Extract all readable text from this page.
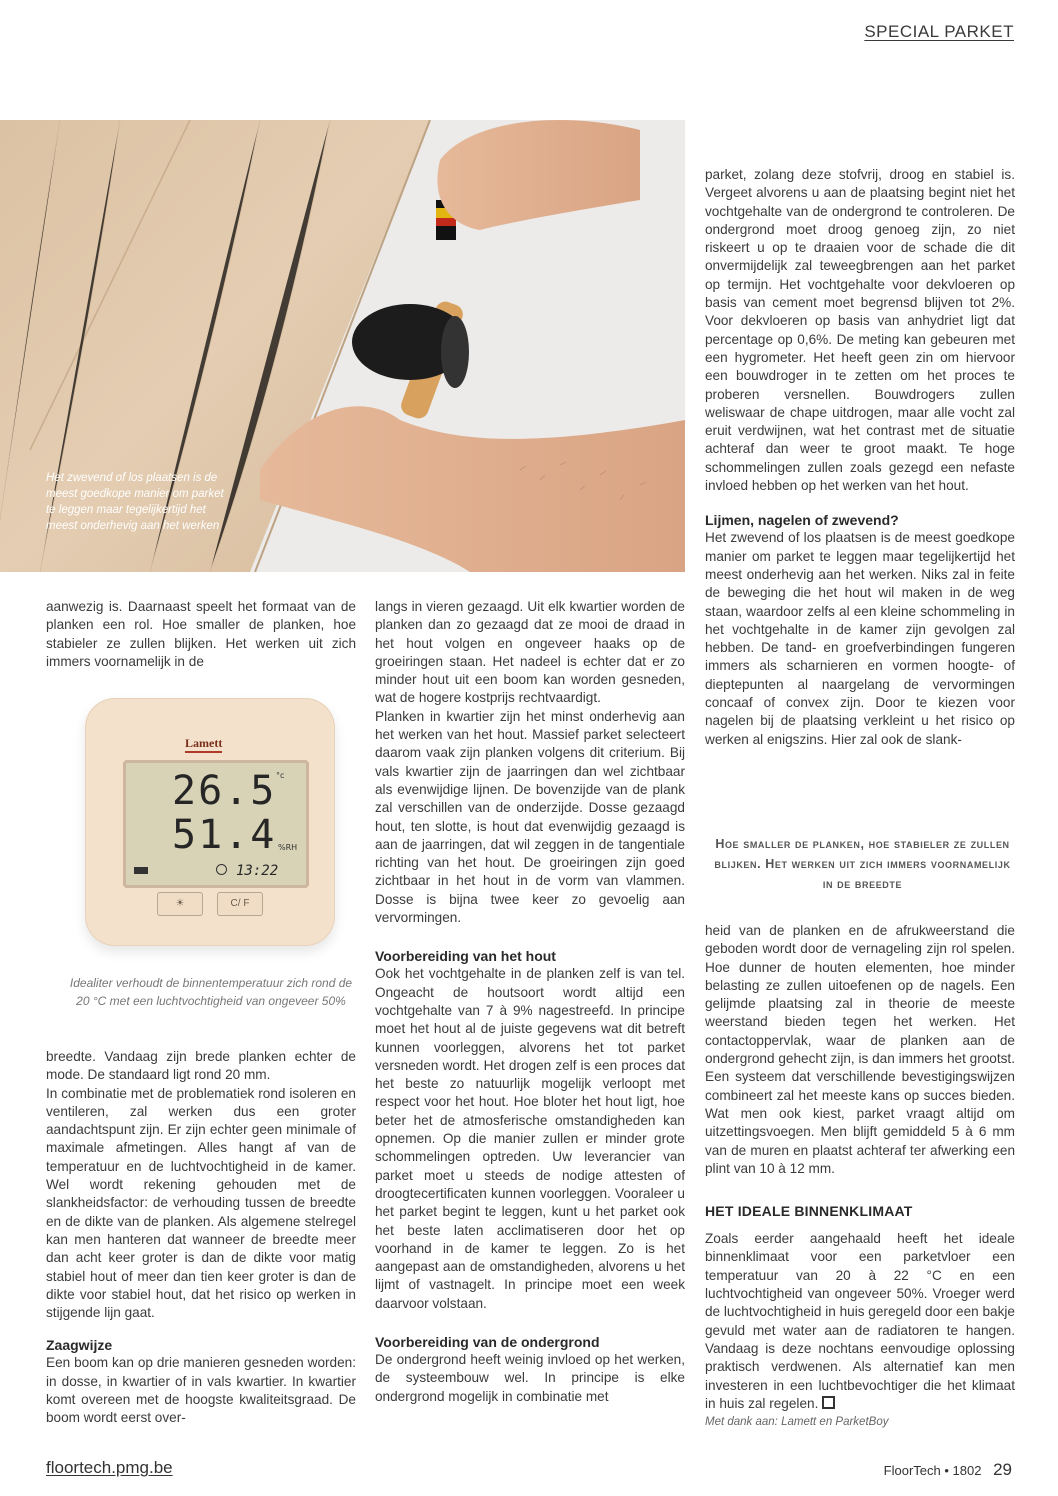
SPECIAL PARKET
Het zwevend of los plaatsen is de meest goedkope manier om parket te leggen maar tegelijkertijd het meest onderhevig aan het werken

aanwezig is. Daarnaast speelt het formaat van de planken een rol. Hoe smaller de planken, hoe stabieler ze zullen blijken. Het werken uit zich immers voornamelijk in de

Lamett
26.5 °c
51.4 %RH
13:22
☀	C/ F
Idealiter verhoudt de binnentemperatuur zich rond de 20 °C met een luchtvochtigheid van ongeveer 50%

breedte. Vandaag zijn brede planken echter de mode. De standaard ligt rond 20 mm.

In combinatie met de problematiek rond isoleren en ventileren, zal werken dus een groter aandachtspunt zijn. Er zijn echter geen minimale of maximale afmetingen. Alles hangt af van de temperatuur en de luchtvochtigheid in de kamer. Wel wordt rekening gehouden met de slankheidsfactor: de verhouding tussen de breedte en de dikte van de planken. Als algemene stelregel kan men hanteren dat wanneer de breedte meer dan acht keer groter is dan de dikte voor matig stabiel hout of meer dan tien keer groter is dan de dikte voor stabiel hout, dat het risico op werken in stijgende lijn gaat.

Zaagwijze

Een boom kan op drie manieren gesneden worden: in dosse, in kwartier of in vals kwartier. In kwartier komt overeen met de hoogste kwaliteitsgraad. De boom wordt eerst over-

langs in vieren gezaagd. Uit elk kwartier worden de planken dan zo gezaagd dat ze mooi de draad in het hout volgen en ongeveer haaks op de groeiringen staan. Het nadeel is echter dat er zo minder hout uit een boom kan worden gesneden, wat de hogere kostprijs rechtvaardigt.

Planken in kwartier zijn het minst onderhevig aan het werken van het hout. Massief parket selecteert daarom vaak zijn planken volgens dit criterium. Bij vals kwartier zijn de jaarringen dan wel zichtbaar als evenwijdige lijnen. De bovenzijde van de plank zal verschillen van de onderzijde. Dosse gezaagd hout, ten slotte, is hout dat evenwijdig gezaagd is aan de jaarringen, dat wil zeggen in de tangentiale richting van het hout. De groeiringen zijn goed zichtbaar in het hout in de vorm van vlammen. Dosse is bijna twee keer zo gevoelig aan vervormingen.

Voorbereiding van het hout

Ook het vochtgehalte in de planken zelf is van tel. Ongeacht de houtsoort wordt altijd een vochtgehalte van 7 à 9% nagestreefd. In principe moet het hout al de juiste gegevens wat dit betreft kunnen voorleggen, alvorens het tot parket versneden wordt. Het drogen zelf is een proces dat het beste zo natuurlijk mogelijk verloopt met respect voor het hout. Hoe bloter het hout ligt, hoe beter het de atmosferische omstandigheden kan opnemen. Op die manier zullen er minder grote schommelingen optreden. Uw leverancier van parket moet u steeds de nodige attesten of droogtecertificaten kunnen voorleggen. Vooraleer u het parket begint te leggen, kunt u het parket ook het beste laten acclimatiseren door het op voorhand in de kamer te leggen. Zo is het aangepast aan de omstandigheden, alvorens u het lijmt of vastnagelt. In principe moet een week daarvoor volstaan.

Voorbereiding van de ondergrond

De ondergrond heeft weinig invloed op het werken, de systeembouw wel. In principe is elke ondergrond mogelijk in combinatie met

parket, zolang deze stofvrij, droog en stabiel is. Vergeet alvorens u aan de plaatsing begint niet het vochtgehalte van de ondergrond te controleren. De ondergrond moet droog genoeg zijn, zo niet riskeert u op te draaien voor de schade die dit onvermijdelijk zal teweegbrengen aan het parket op termijn. Het vochtgehalte voor dekvloeren op basis van cement moet begrensd blijven tot 2%. Voor dekvloeren op basis van anhydriet ligt dat percentage op 0,6%. De meting kan gebeuren met een hygrometer. Het heeft geen zin om hiervoor een bouwdroger in te zetten om het proces te proberen versnellen. Bouwdrogers zullen weliswaar de chape uitdrogen, maar alle vocht zal eruit verdwijnen, wat het contrast met de situatie achteraf dan weer te groot maakt. Te hoge schommelingen zullen zoals gezegd een nefaste invloed hebben op het werken van het hout.

Lijmen, nagelen of zwevend?

Het zwevend of los plaatsen is de meest goedkope manier om parket te leggen maar tegelijkertijd het meest onderhevig aan het werken. Niks zal in feite de beweging die het hout wil maken in de weg staan, waardoor zelfs al een kleine schommeling in het vochtgehalte in de kamer zijn gevolgen zal hebben. De tand- en groefverbindingen fungeren immers als scharnieren en vormen hoogte- of dieptepunten al naargelang de vervormingen concaaf of convex zijn. Door te kiezen voor nagelen bij de plaatsing verkleint u het risico op werken al enigszins. Hier zal ook de slank-

Hoe smaller de planken, hoe stabieler ze zullen blijken. Het werken uit zich immers voornamelijk in de breedte

heid van de planken en de afrukweerstand die geboden wordt door de vernageling zijn rol spelen. Hoe dunner de houten elementen, hoe minder belasting ze zullen uitoefenen op de nagels. Een gelijmde plaatsing zal in theorie de meeste weerstand bieden tegen het werken. Het contactoppervlak, waar de planken aan de ondergrond gehecht zijn, is dan immers het grootst. Een systeem dat verschillende bevestigingswijzen combineert zal het meeste kans op succes bieden. Wat men ook kiest, parket vraagt altijd om uitzettingsvoegen. Men blijft gemiddeld 5 à 6 mm van de muren en plaatst achteraf ter afwerking een plint van 10 à 12 mm.

HET IDEALE BINNENKLIMAAT

Zoals eerder aangehaald heeft het ideale binnenklimaat voor een parketvloer een temperatuur van 20 à 22 °C en een luchtvochtigheid van ongeveer 50%. Vroeger werd de luchtvochtigheid in huis geregeld door een bakje gevuld met water aan de radiatoren te hangen. Vandaag is deze nochtans eenvoudige oplossing praktisch verdwenen. Als alternatief kan men investeren in een luchtbevochtiger die het klimaat in huis zal regelen.

Met dank aan: Lamett en ParketBoy

floortech.pmg.be	FloorTech • 1802 29
